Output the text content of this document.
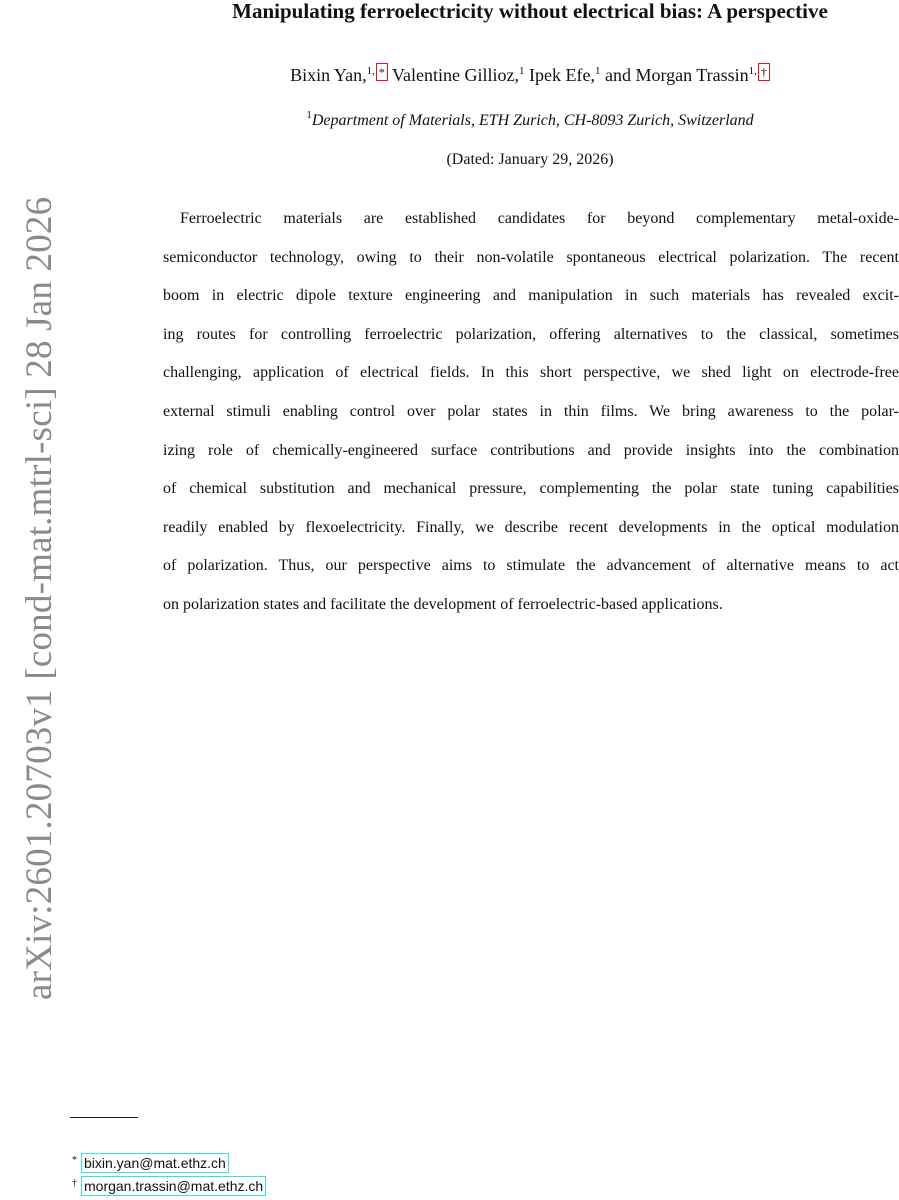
arXiv:2601.20703v1 [cond-mat.mtrl-sci] 28 Jan 2026
Manipulating ferroelectricity without electrical bias: A perspective
Bixin Yan,$^{1,}$ * Valentine Gillioz,$^1$ Ipek Efe,$^1$ and Morgan Trassin$^{1,}$ †
$^1$Department of Materials, ETH Zurich, CH-8093 Zurich, Switzerland
(Dated: January 29, 2026)
Ferroelectric materials are established candidates for beyond complementary metal-oxide-
semiconductor technology, owing to their non-volatile spontaneous electrical polarization. The recent
boom in electric dipole texture engineering and manipulation in such materials has revealed excit-
ing routes for controlling ferroelectric polarization, offering alternatives to the classical, sometimes
challenging, application of electrical fields. In this short perspective, we shed light on electrode-free
external stimuli enabling control over polar states in thin films. We bring awareness to the polar-
izing role of chemically-engineered surface contributions and provide insights into the combination
of chemical substitution and mechanical pressure, complementing the polar state tuning capabilities
readily enabled by flexoelectricity. Finally, we describe recent developments in the optical modulation
of polarization. Thus, our perspective aims to stimulate the advancement of alternative means to act
on polarization states and facilitate the development of ferroelectric-based applications.
* bixin.yan@mat.ethz.ch
† morgan.trassin@mat.ethz.ch
